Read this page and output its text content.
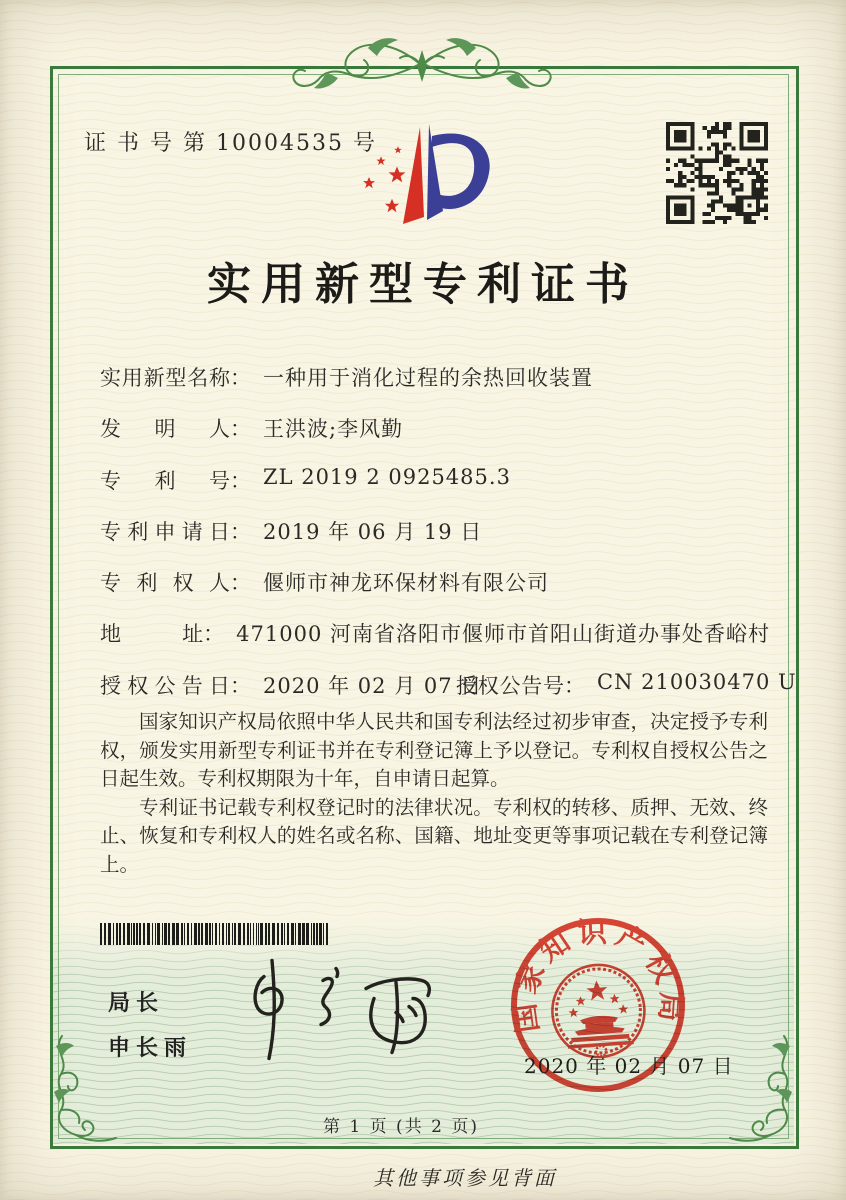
证 书 号 第 10004535 号
实用新型专利证书
实用新型名称 ： 一种用于消化过程的余热回收装置
发明人 ： 王洪波;李风勤
专利号 ： ZL 2019 2 0925485.3
专利申请日 ： 2019 年 06 月 19 日
专利权人 ： 偃师市神龙环保材料有限公司
地址 ： 471000 河南省洛阳市偃师市首阳山街道办事处香峪村
授权公告日 ： 2020 年 02 月 07 日
授权公告号 ： CN 210030470 U

国家知识产权局依照中华人民共和国专利法经过初步审查，决定授予专利权，颁发实用新型专利证书并在专利登记簿上予以登记。专利权自授权公告之日起生效。专利权期限为十年，自申请日起算。

专利证书记载专利权登记时的法律状况。专利权的转移、质押、无效、终止、恢复和专利权人的姓名或名称、国籍、地址变更等事项记载在专利登记簿上。

局长
申长雨
国家知识产权局
2020 年 02 月 07 日
第 1 页 (共 2 页)
其他事项参见背面
